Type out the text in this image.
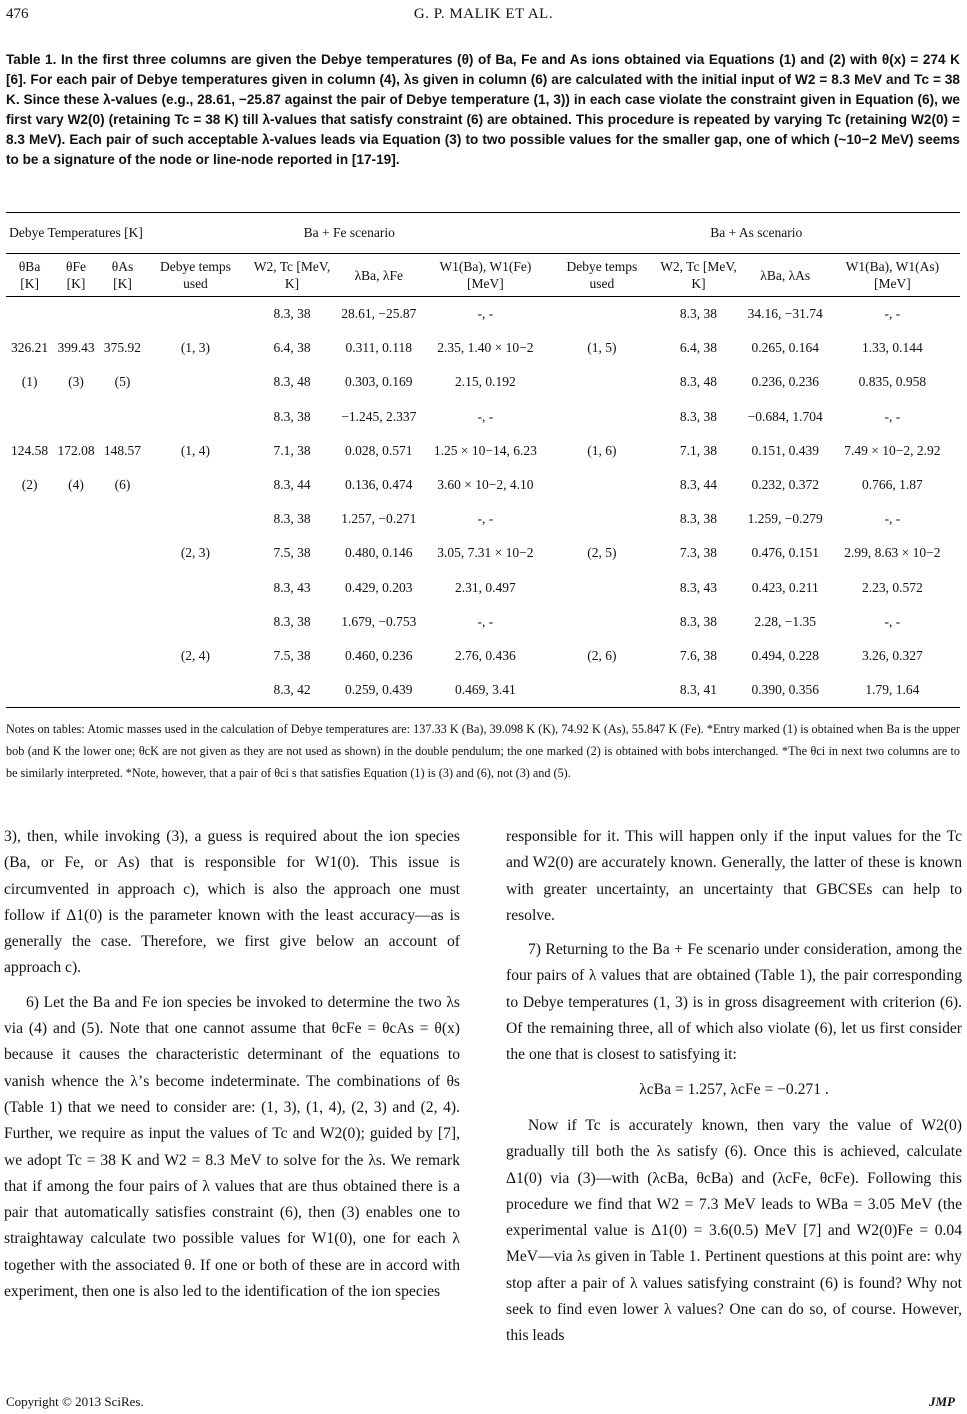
476	G. P. MALIK ET AL.
Table 1. In the first three columns are given the Debye temperatures (θ) of Ba, Fe and As ions obtained via Equations (1) and (2) with θ(x) = 274 K [6]. For each pair of Debye temperatures given in column (4), λs given in column (6) are calculated with the initial input of W2 = 8.3 MeV and Tc = 38 K. Since these λ-values (e.g., 28.61, −25.87 against the pair of Debye temperature (1, 3)) in each case violate the constraint given in Equation (6), we first vary W2(0) (retaining Tc = 38 K) till λ-values that satisfy constraint (6) are obtained. This procedure is repeated by varying Tc (retaining W2(0) = 8.3 MeV). Each pair of such acceptable λ-values leads via Equation (3) to two possible values for the smaller gap, one of which (~10−2 MeV) seems to be a signature of the node or line-node reported in [17-19].
Debye Temperatures [K]			Ba + Fe scenario				Ba + As scenario			
θBa [K]	θFe [K]	θAs [K]	Debye temps used	W2, Tc [MeV, K]	λBa, λFe	W1(Ba), W1(Fe) [MeV]	Debye temps used	W2, Tc [MeV, K]	λBa, λAs	W1(Ba), W1(As) [MeV]
				8.3, 38	28.61, −25.87	-, -		8.3, 38	34.16, −31.74	-, -
326.21	399.43	375.92	(1, 3)	6.4, 38	0.311, 0.118	2.35, 1.40 × 10−2	(1, 5)	6.4, 38	0.265, 0.164	1.33, 0.144
(1)	(3)	(5)		8.3, 48	0.303, 0.169	2.15, 0.192		8.3, 48	0.236, 0.236	0.835, 0.958
				8.3, 38	−1.245, 2.337	-, -		8.3, 38	−0.684, 1.704	-, -
124.58	172.08	148.57	(1, 4)	7.1, 38	0.028, 0.571	1.25 × 10−14, 6.23	(1, 6)	7.1, 38	0.151, 0.439	7.49 × 10−2, 2.92
(2)	(4)	(6)		8.3, 44	0.136, 0.474	3.60 × 10−2, 4.10		8.3, 44	0.232, 0.372	0.766, 1.87
				8.3, 38	1.257, −0.271	-, -		8.3, 38	1.259, −0.279	-, -
			(2, 3)	7.5, 38	0.480, 0.146	3.05, 7.31 × 10−2	(2, 5)	7.3, 38	0.476, 0.151	2.99, 8.63 × 10−2
				8.3, 43	0.429, 0.203	2.31, 0.497		8.3, 43	0.423, 0.211	2.23, 0.572
				8.3, 38	1.679, −0.753	-, -		8.3, 38	2.28, −1.35	-, -
			(2, 4)	7.5, 38	0.460, 0.236	2.76, 0.436	(2, 6)	7.6, 38	0.494, 0.228	3.26, 0.327
				8.3, 42	0.259, 0.439	0.469, 3.41		8.3, 41	0.390, 0.356	1.79, 1.64
Notes on tables: Atomic masses used in the calculation of Debye temperatures are: 137.33 K (Ba), 39.098 K (K), 74.92 K (As), 55.847 K (Fe). *Entry marked (1) is obtained when Ba is the upper bob (and K the lower one; θcK are not given as they are not used as shown) in the double pendulum; the one marked (2) is obtained with bobs interchanged. *The θci in next two columns are to be similarly interpreted. *Note, however, that a pair of θci s that satisfies Equation (1) is (3) and (6), not (3) and (5).

3), then, while invoking (3), a guess is required about the ion species (Ba, or Fe, or As) that is responsible for W1(0). This issue is circumvented in approach c), which is also the approach one must follow if Δ1(0) is the parameter known with the least accuracy—as is generally the case. Therefore, we first give below an account of approach c).

6) Let the Ba and Fe ion species be invoked to determine the two λs via (4) and (5). Note that one cannot assume that θcFe = θcAs = θ(x) because it causes the characteristic determinant of the equations to vanish whence the λ’s become indeterminate. The combinations of θs (Table 1) that we need to consider are: (1, 3), (1, 4), (2, 3) and (2, 4). Further, we require as input the values of Tc and W2(0); guided by [7], we adopt Tc = 38 K and W2 = 8.3 MeV to solve for the λs. We remark that if among the four pairs of λ values that are thus obtained there is a pair that automatically satisfies constraint (6), then (3) enables one to straightaway calculate two possible values for W1(0), one for each λ together with the associated θ. If one or both of these are in accord with experiment, then one is also led to the identification of the ion species

responsible for it. This will happen only if the input values for the Tc and W2(0) are accurately known. Generally, the latter of these is known with greater uncertainty, an uncertainty that GBCSEs can help to resolve.

7) Returning to the Ba + Fe scenario under consideration, among the four pairs of λ values that are obtained (Table 1), the pair corresponding to Debye temperatures (1, 3) is in gross disagreement with criterion (6). Of the remaining three, all of which also violate (6), let us first consider the one that is closest to satisfying it:

λcBa = 1.257, λcFe = −0.271 .

Now if Tc is accurately known, then vary the value of W2(0) gradually till both the λs satisfy (6). Once this is achieved, calculate Δ1(0) via (3)—with (λcBa, θcBa) and (λcFe, θcFe). Following this procedure we find that W2 = 7.3 MeV leads to WBa = 3.05 MeV (the experimental value is Δ1(0) = 3.6(0.5) MeV [7] and W2(0)Fe = 0.04 MeV—via λs given in Table 1. Pertinent questions at this point are: why stop after a pair of λ values satisfying constraint (6) is found? Why not seek to find even lower λ values? One can do so, of course. However, this leads

Copyright © 2013 SciRes.	JMP
